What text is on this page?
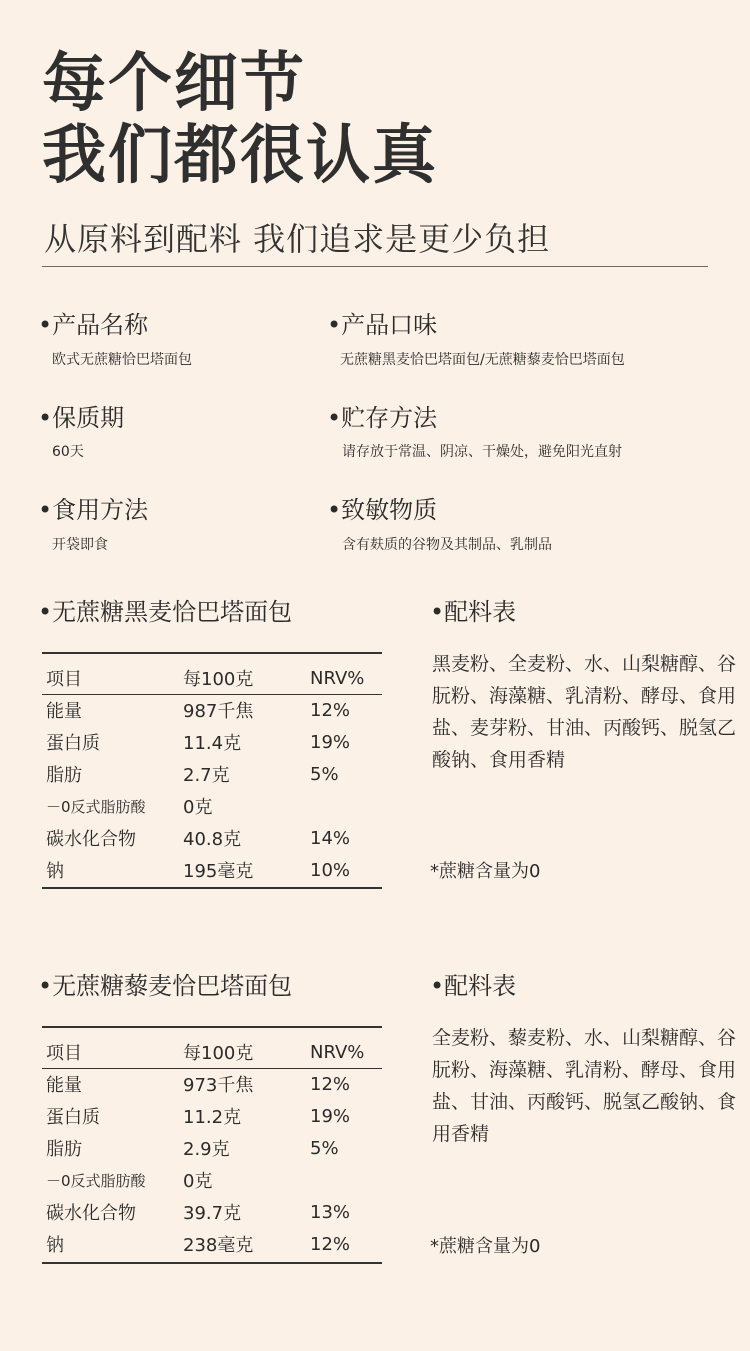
每个细节
我们都很认真
从原料到配料 我们追求是更少负担
•产品名称
欧式无蔗糖恰巴塔面包
•产品口味
无蔗糖黑麦恰巴塔面包/无蔗糖藜麦恰巴塔面包
•保质期
60天
•贮存方法
请存放于常温、阴凉、干燥处，避免阳光直射
•食用方法
开袋即食
•致敏物质
含有麸质的谷物及其制品、乳制品
•无蔗糖黑麦恰巴塔面包
项目	每100克	NRV%
能量	987千焦	12%
蛋白质	11.4克	19%
脂肪	2.7克	5%
－0反式脂肪酸	0克	
碳水化合物	40.8克	14%
钠	195毫克	10%
•配料表
黑麦粉、全麦粉、水、山梨糖醇、谷朊粉、海藻糖、乳清粉、酵母、食用盐、麦芽粉、甘油、丙酸钙、脱氢乙酸钠、食用香精
*蔗糖含量为0
•无蔗糖藜麦恰巴塔面包
项目	每100克	NRV%
能量	973千焦	12%
蛋白质	11.2克	19%
脂肪	2.9克	5%
－0反式脂肪酸	0克	
碳水化合物	39.7克	13%
钠	238毫克	12%
•配料表
全麦粉、藜麦粉、水、山梨糖醇、谷朊粉、海藻糖、乳清粉、酵母、食用盐、甘油、丙酸钙、脱氢乙酸钠、食用香精
*蔗糖含量为0
